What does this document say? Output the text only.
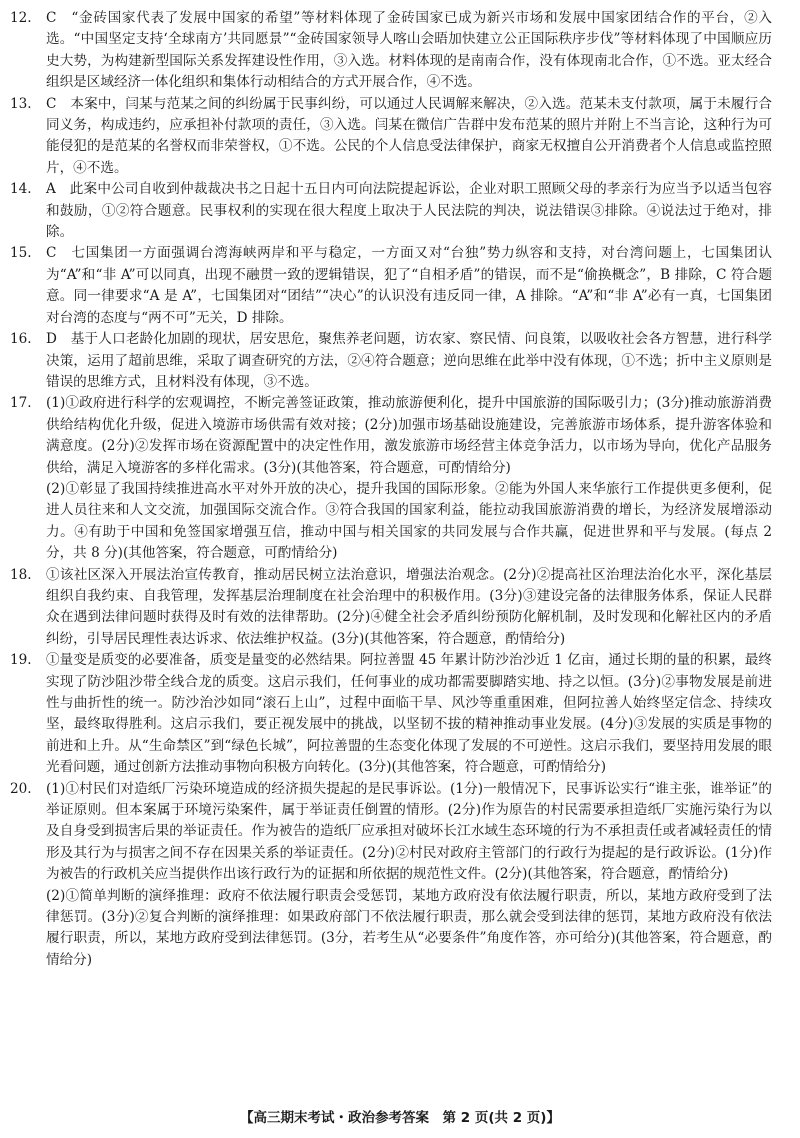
12.	C　“金砖国家代表了发展中国家的希望”等材料体现了金砖国家已成为新兴市场和发展中国家团结合作的平台，②入选。“中国坚定支持‘全球南方’共同愿景”“金砖国家领导人喀山会晤加快建立公正国际秩序步伐”等材料体现了中国顺应历史大势，为构建新型国际关系发挥建设性作用，③入选。材料体现的是南南合作，没有体现南北合作，①不选。亚太经合组织是区域经济一体化组织和集体行动相结合的方式开展合作，④不选。

13.	C　本案中，闫某与范某之间的纠纷属于民事纠纷，可以通过人民调解来解决，②入选。范某未支付款项，属于未履行合同义务，构成违约，应承担补付款项的责任，③入选。闫某在微信广告群中发布范某的照片并附上不当言论，这种行为可能侵犯的是范某的名誉权而非荣誉权，①不选。公民的个人信息受法律保护，商家无权擅自公开消费者个人信息或监控照片，④不选。

14.	A　此案中公司自收到仲裁裁决书之日起十五日内可向法院提起诉讼，企业对职工照顾父母的孝亲行为应当予以适当包容和鼓励，①②符合题意。民事权利的实现在很大程度上取决于人民法院的判决，说法错误③排除。④说法过于绝对，排除。

15.	C　七国集团一方面强调台湾海峡两岸和平与稳定，一方面又对“台独”势力纵容和支持，对台湾问题上，七国集团认为“A”和“非 A”可以同真，出现不融贯一致的逻辑错误，犯了“自相矛盾”的错误，而不是“偷换概念”，B 排除，C 符合题意。同一律要求“A 是 A”，七国集团对“团结”“决心”的认识没有违反同一律，A 排除。“A”和“非 A”必有一真，七国集团对台湾的态度与“两不可”无关，D 排除。

16.	D　基于人口老龄化加剧的现状，居安思危，聚焦养老问题，访农家、察民情、问良策，以吸收社会各方智慧，进行科学决策，运用了超前思维，采取了调查研究的方法，②④符合题意；逆向思维在此举中没有体现，①不选；折中主义原则是错误的思维方式，且材料没有体现，③不选。

17.	(1)①政府进行科学的宏观调控，不断完善签证政策，推动旅游便利化，提升中国旅游的国际吸引力；(3分)推动旅游消费供给结构优化升级，促进入境游市场供需有效对接；(2分)加强市场基础设施建设，完善旅游市场体系，提升游客体验和满意度。(2分)②发挥市场在资源配置中的决定性作用，激发旅游市场经营主体竞争活力，以市场为导向，优化产品服务供给，满足入境游客的多样化需求。(3分)(其他答案，符合题意，可酌情给分)

(2)①彰显了我国持续推进高水平对外开放的决心，提升我国的国际形象。②能为外国人来华旅行工作提供更多便利，促进人员往来和人文交流，加强国际交流合作。③符合我国的国家利益，能拉动我国旅游消费的增长，为经济发展增添动力。④有助于中国和免签国家增强互信，推动中国与相关国家的共同发展与合作共赢，促进世界和平与发展。(每点 2 分，共 8 分)(其他答案，符合题意，可酌情给分)

18.	①该社区深入开展法治宣传教育，推动居民树立法治意识，增强法治观念。(2分)②提高社区治理法治化水平，深化基层组织自我约束、自我管理，发挥基层治理制度在社会治理中的积极作用。(3分)③建设完备的法律服务体系，保证人民群众在遇到法律问题时获得及时有效的法律帮助。(2分)④健全社会矛盾纠纷预防化解机制，及时发现和化解社区内的矛盾纠纷，引导居民理性表达诉求、依法维护权益。(3分)(其他答案，符合题意，酌情给分)

19.	①量变是质变的必要准备，质变是量变的必然结果。阿拉善盟 45 年累计防沙治沙近 1 亿亩，通过长期的量的积累，最终实现了防沙阻沙带全线合龙的质变。这启示我们，任何事业的成功都需要脚踏实地、持之以恒。(3分)②事物发展是前进性与曲折性的统一。防沙治沙如同“滚石上山”，过程中面临干旱、风沙等重重困难，但阿拉善人始终坚定信念、持续攻坚，最终取得胜利。这启示我们，要正视发展中的挑战，以坚韧不拔的精神推动事业发展。(4分)③发展的实质是事物的前进和上升。从“生命禁区”到“绿色长城”，阿拉善盟的生态变化体现了发展的不可逆性。这启示我们，要坚持用发展的眼光看问题，通过创新方法推动事物向积极方向转化。(3分)(其他答案，符合题意，可酌情给分)

20.	(1)①村民们对造纸厂污染环境造成的经济损失提起的是民事诉讼。(1分)一般情况下，民事诉讼实行“谁主张，谁举证”的举证原则。但本案属于环境污染案件，属于举证责任倒置的情形。(2分)作为原告的村民需要承担造纸厂实施污染行为以及自身受到损害后果的举证责任。作为被告的造纸厂应承担对破坏长江水域生态环境的行为不承担责任或者减轻责任的情形及其行为与损害之间不存在因果关系的举证责任。(2分)②村民对政府主管部门的行政行为提起的是行政诉讼。(1分)作为被告的行政机关应当提供作出该行政行为的证据和所依据的规范性文件。(2分)(其他答案，符合题意，酌情给分)

(2)①简单判断的演绎推理：政府不依法履行职责会受惩罚，某地方政府没有依法履行职责，所以，某地方政府受到了法律惩罚。(3分)②复合判断的演绎推理：如果政府部门不依法履行职责，那么就会受到法律的惩罚，某地方政府没有依法履行职责，所以，某地方政府受到法律惩罚。(3分，若考生从“必要条件”角度作答，亦可给分)(其他答案，符合题意，酌情给分)

【高三期末考试・政治参考答案　第 2 页(共 2 页)】
